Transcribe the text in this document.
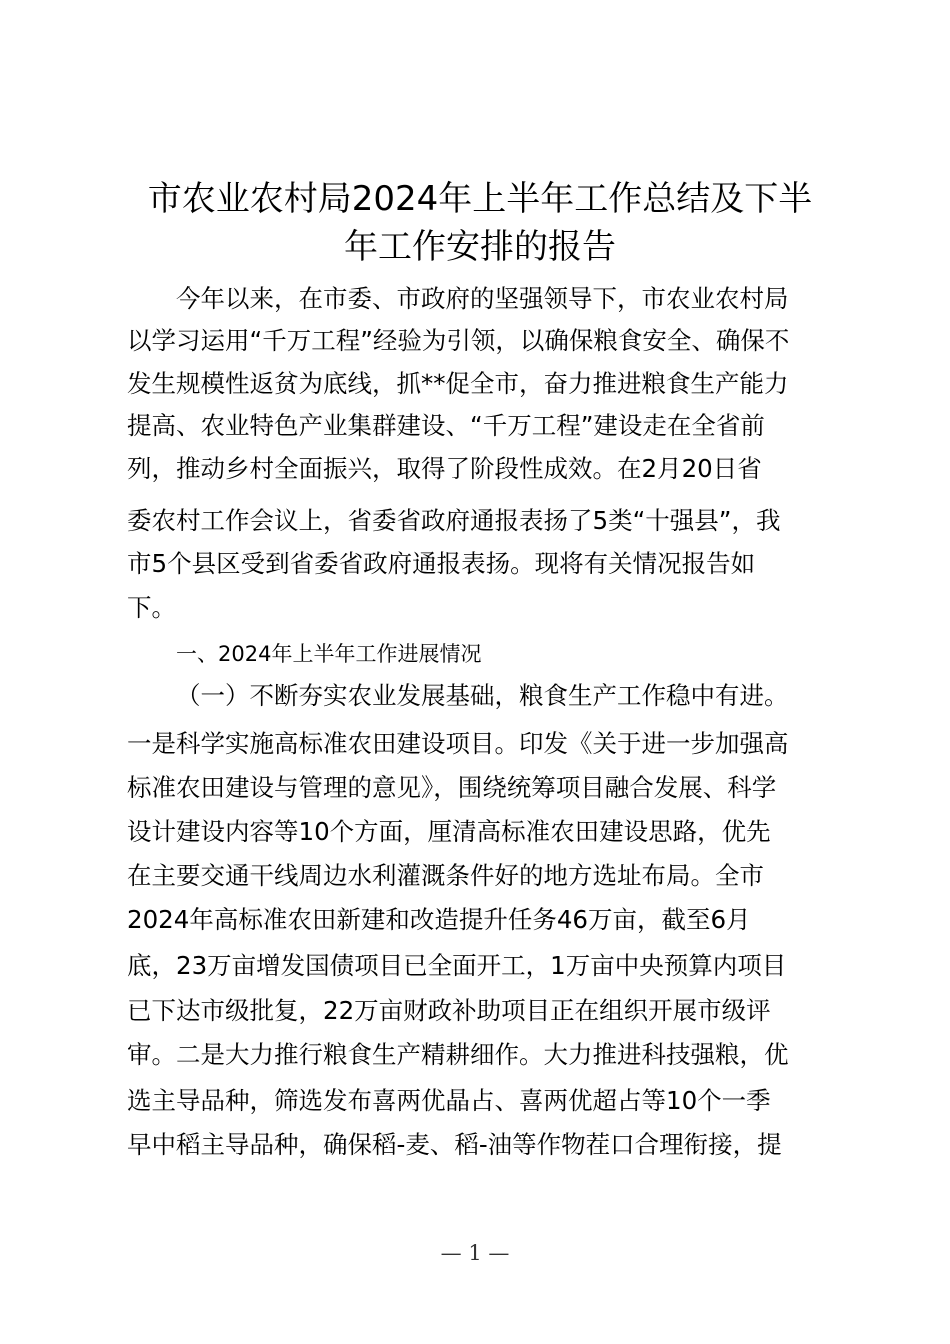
市农业农村局2024年上半年工作总结及下半
年工作安排的报告
今年以来，在市委、市政府的坚强领导下，市农业农村局
以学习运用“千万工程”经验为引领，以确保粮食安全、确保不
发生规模性返贫为底线，抓**促全市，奋力推进粮食生产能力
提高、农业特色产业集群建设、“千万工程”建设走在全省前
列，推动乡村全面振兴，取得了阶段性成效。在2月20日省
委农村工作会议上，省委省政府通报表扬了5类“十强县”，我
市5个县区受到省委省政府通报表扬。现将有关情况报告如
下。
一、2024年上半年工作进展情况
（一）不断夯实农业发展基础，粮食生产工作稳中有进。
一是科学实施高标准农田建设项目。印发《关于进一步加强高
标准农田建设与管理的意见》，围绕统筹项目融合发展、科学
设计建设内容等10个方面，厘清高标准农田建设思路，优先
在主要交通干线周边水利灌溉条件好的地方选址布局。全市
2024年高标准农田新建和改造提升任务46万亩，截至6月
底，23万亩增发国债项目已全面开工，1万亩中央预算内项目
已下达市级批复，22万亩财政补助项目正在组织开展市级评
审。二是大力推行粮食生产精耕细作。大力推进科技强粮，优
选主导品种，筛选发布喜两优晶占、喜两优超占等10个一季
早中稻主导品种，确保稻-麦、稻-油等作物茬口合理衔接，提
— 1 —
